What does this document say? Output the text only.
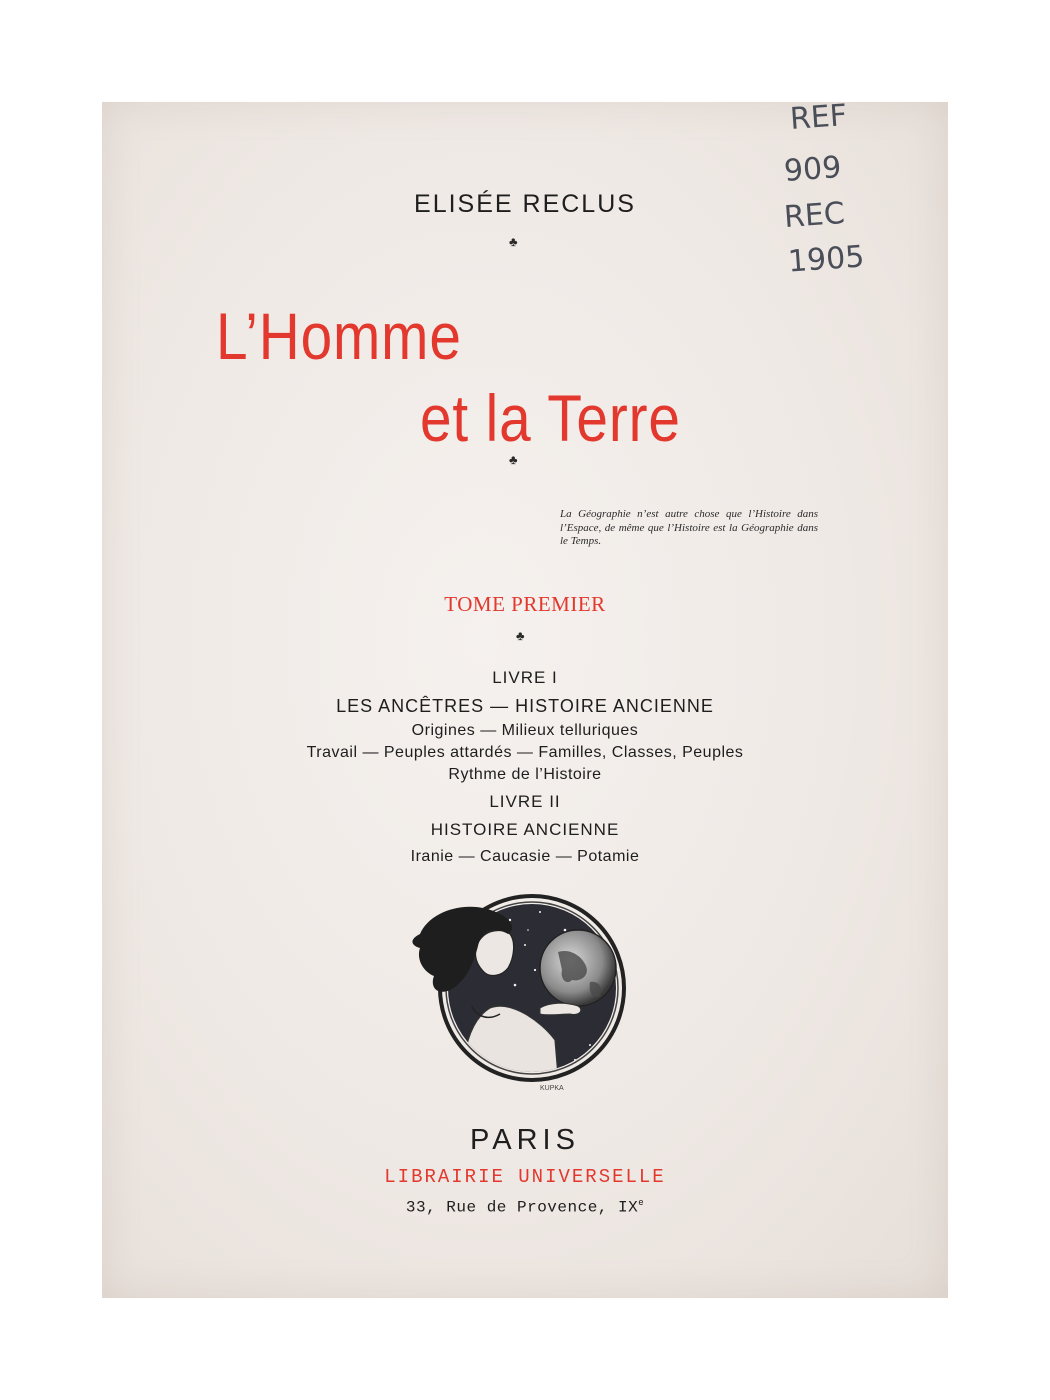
ELISÉE RECLUS
♣
L’Homme
et la Terre
♣
La Géographie n’est autre chose que l’Histoire dans l’Espace, de même que l’Histoire est la Géographie dans le Temps.
TOME PREMIER
♣
LIVRE I
LES ANCÊTRES — HISTOIRE ANCIENNE
Origines — Milieux telluriques
Travail — Peuples attardés — Familles, Classes, Peuples
Rythme de l’Histoire
LIVRE II
HISTOIRE ANCIENNE
Iranie — Caucasie — Potamie
KUPKA
PARIS
LIBRAIRIE UNIVERSELLE
33, Rue de Provence, IXe
REF
909
REC
1905
